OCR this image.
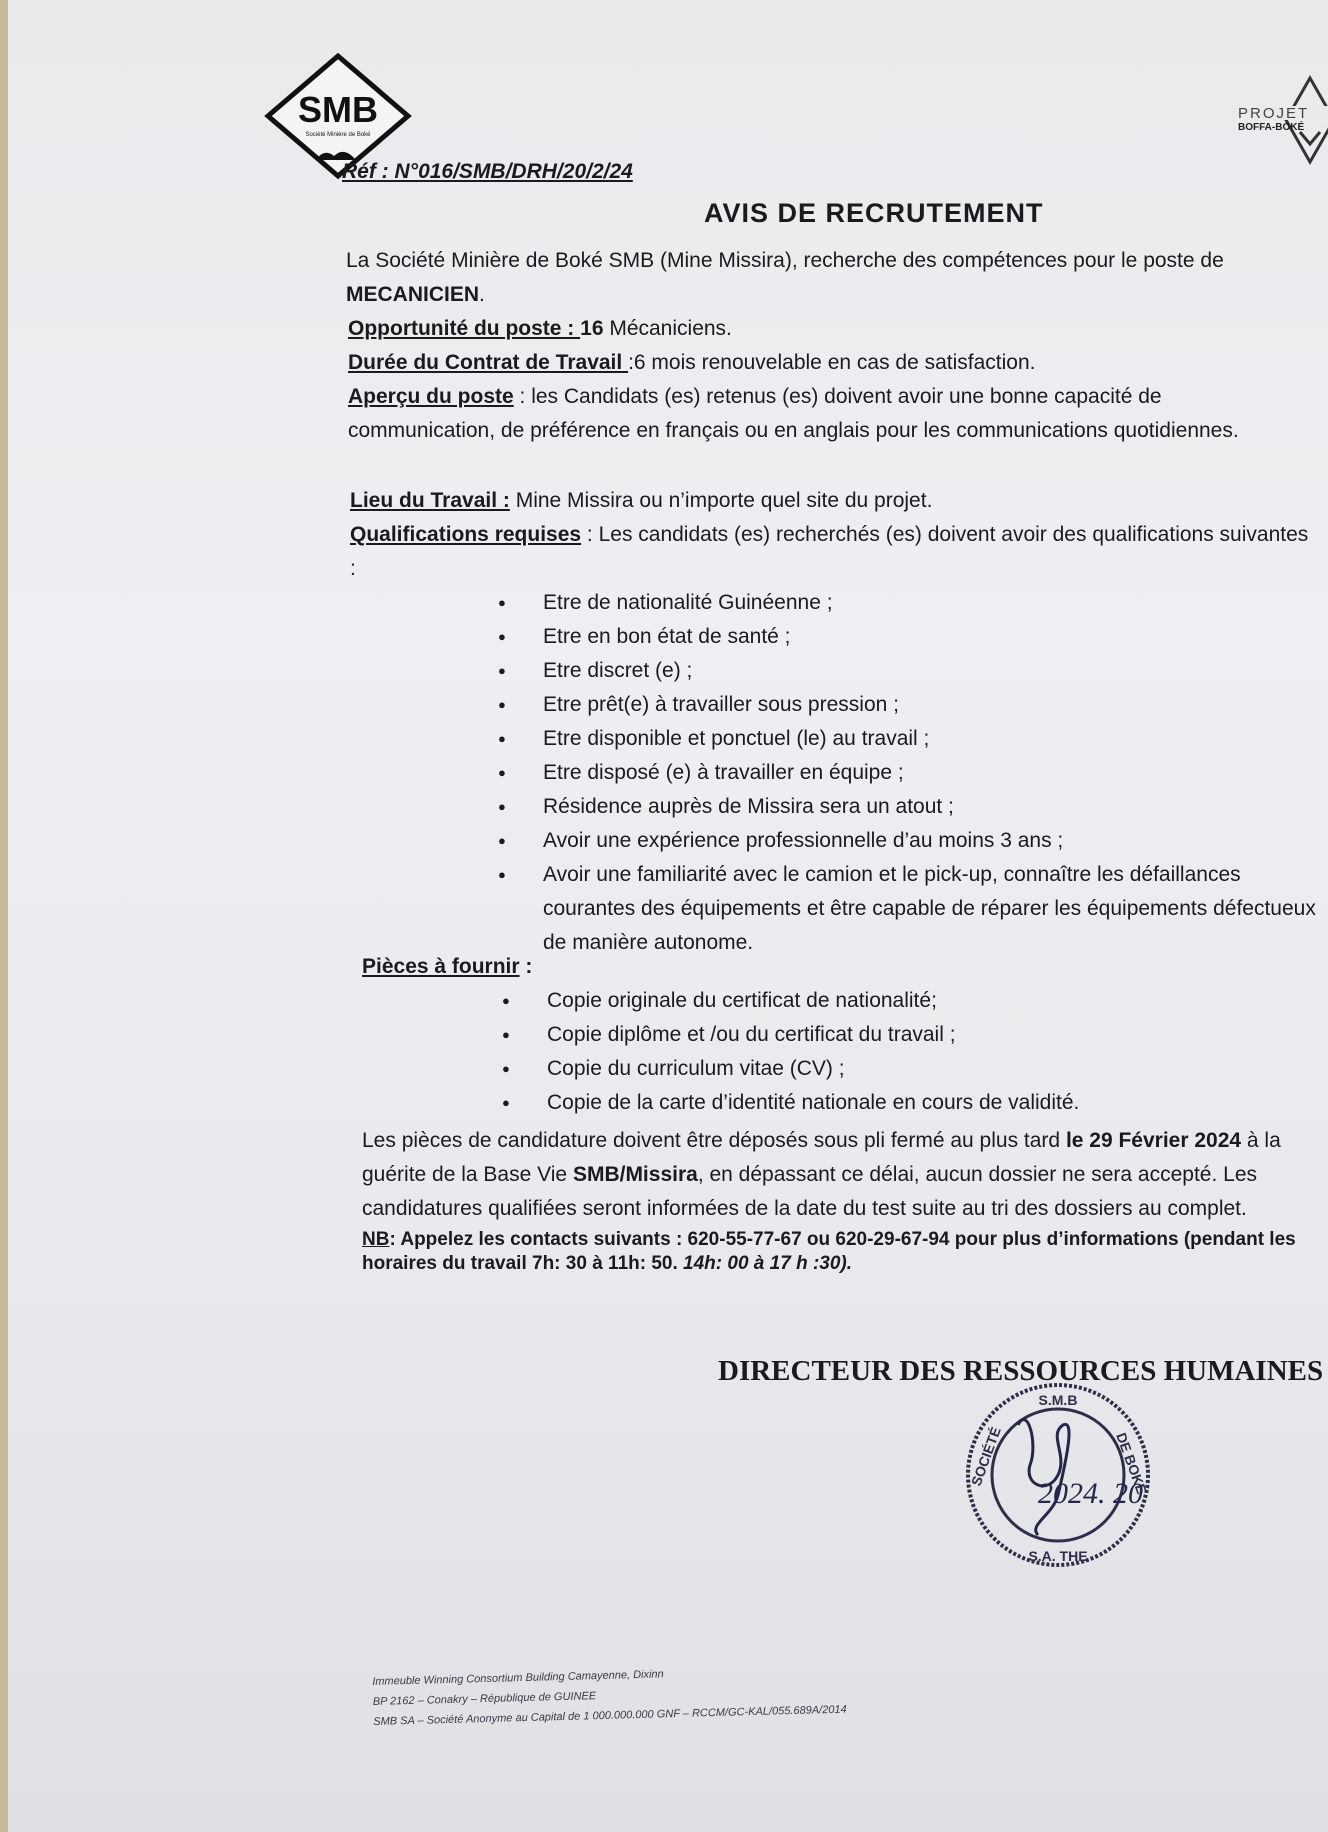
SMB
Société Minière de Boké
PROJET
BOFFA-BOKÉ
Réf : N°016/SMB/DRH/20/2/24
AVIS DE RECRUTEMENT

La Société Minière de Boké SMB (Mine Missira), recherche des compétences pour le poste de MECANICIEN.

Opportunité du poste : 16 Mécaniciens.

Durée du Contrat de Travail :6 mois renouvelable en cas de satisfaction.

Aperçu du poste : les Candidats (es) retenus (es) doivent avoir une bonne capacité de communication, de préférence en français ou en anglais pour les communications quotidiennes.

Lieu du Travail : Mine Missira ou n’importe quel site du projet.

Qualifications requises : Les candidats (es) recherchés (es) doivent avoir des qualifications suivantes :

● Etre de nationalité Guinéenne ;
● Etre en bon état de santé ;
● Etre discret (e) ;
● Etre prêt(e) à travailler sous pression ;
● Etre disponible et ponctuel (le) au travail ;
● Etre disposé (e) à travailler en équipe ;
● Résidence auprès de Missira sera un atout ;
● Avoir une expérience professionnelle d’au moins 3 ans ;
● Avoir une familiarité avec le camion et le pick-up, connaître les défaillances courantes des équipements et être capable de réparer les équipements défectueux de manière autonome.

Pièces à fournir :

● Copie originale du certificat de nationalité;
● Copie diplôme et /ou du certificat du travail ;
● Copie du curriculum vitae (CV) ;
● Copie de la carte d’identité nationale en cours de validité.

Les pièces de candidature doivent être déposés sous pli fermé au plus tard le 29 Février 2024 à la guérite de la Base Vie SMB/Missira, en dépassant ce délai, aucun dossier ne sera accepté. Les candidatures qualifiées seront informées de la date du test suite au tri des dossiers au complet.

NB: Appelez les contacts suivants : 620-55-77-67 ou 620-29-67-94 pour plus d’informations (pendant les horaires du travail 7h: 30 à 11h: 50. 14h: 00 à 17 h :30).

DIRECTEUR DES RESSOURCES HUMAINES
S.M.B
SOCIÉTÉ	DE BOKÉ
S.A. THE
2024. 20
Immeuble Winning Consortium Building Camayenne, Dixinn
BP 2162 – Conakry – République de GUINEE
SMB SA – Société Anonyme au Capital de 1 000.000.000 GNF – RCCM/GC-KAL/055.689A/2014
